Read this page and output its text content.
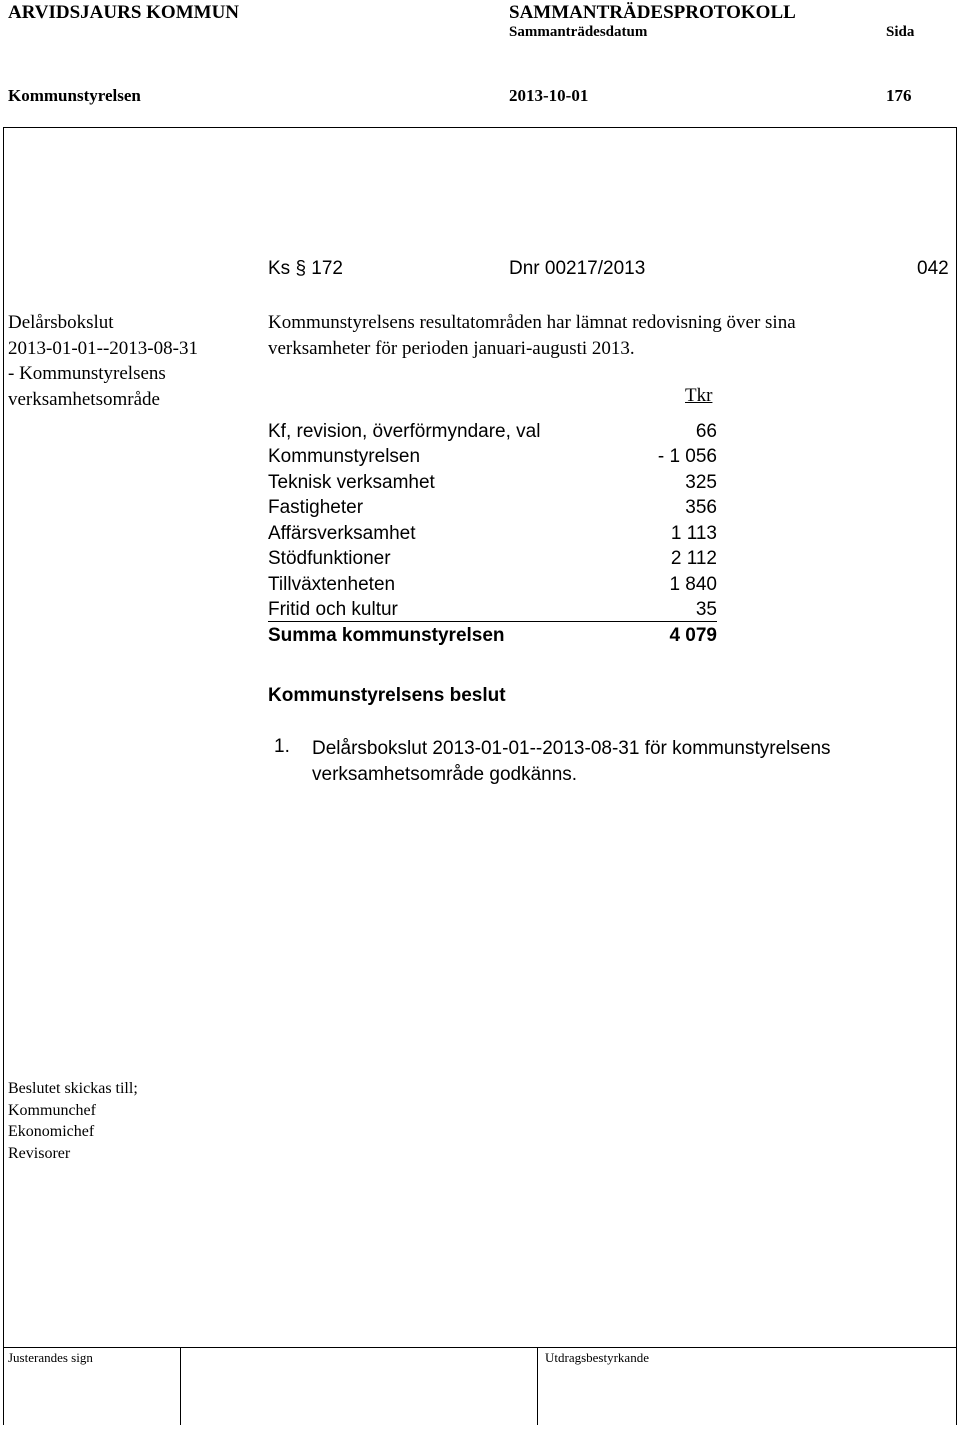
ARVIDSJAURS KOMMUN	SAMMANTRÄDESPROTOKOLL
Sammanträdesdatum	Sida
Kommunstyrelsen	2013-10-01	176
Ks § 172	Dnr 00217/2013	042
Delårsbokslut
2013-01-01--2013-08-31
- Kommunstyrelsens
verksamhetsområde
Kommunstyrelsens resultatområden har lämnat redovisning över sina
verksamheter för perioden januari-augusti 2013.
Tkr
Kf, revision, överförmyndare, val	66
Kommunstyrelsen	- 1 056
Teknisk verksamhet	325
Fastigheter	356
Affärsverksamhet	1 113
Stödfunktioner	2 112
Tillväxtenheten	1 840
Fritid och kultur	35
Summa kommunstyrelsen	4 079
Kommunstyrelsens beslut
1. Delårsbokslut 2013-01-01--2013-08-31 för kommunstyrelsens
verksamhetsområde godkänns.
Beslutet skickas till;
Kommunchef
Ekonomichef
Revisorer
Justerandes sign	Utdragsbestyrkande
